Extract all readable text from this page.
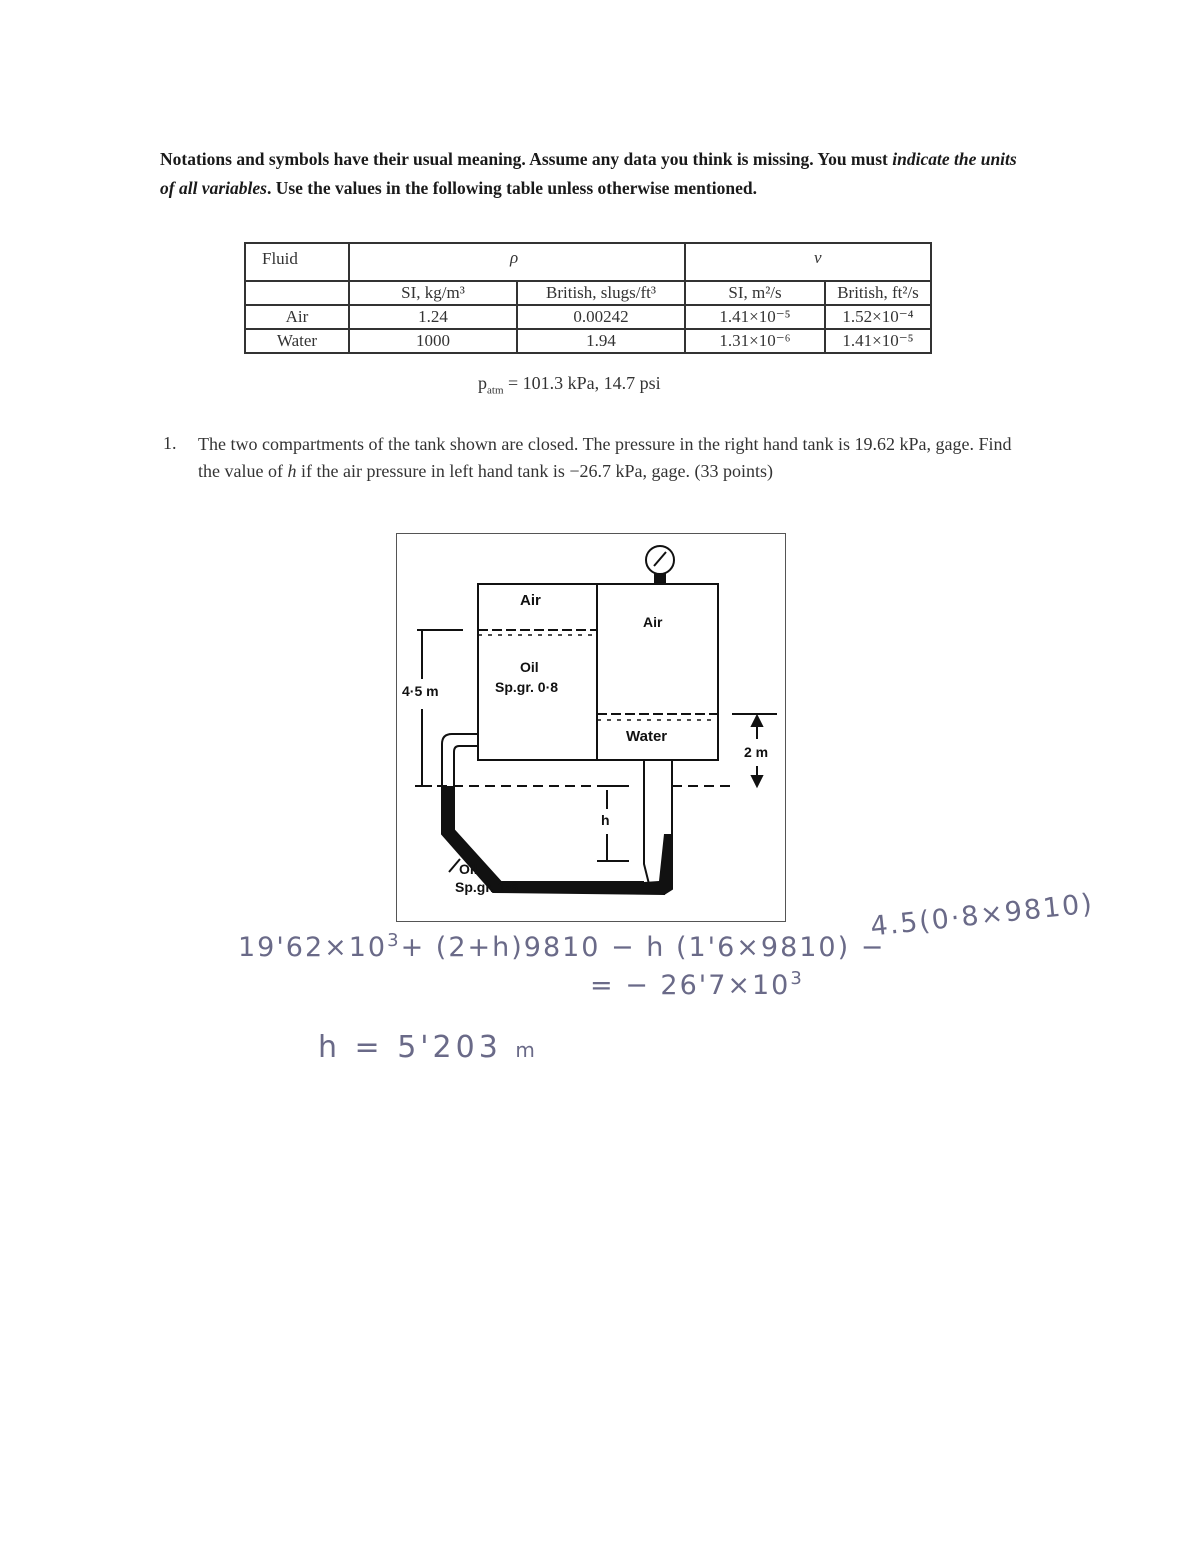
Notations and symbols have their usual meaning. Assume any data you think is missing. You must indicate the units of all variables. Use the values in the following table unless otherwise mentioned.

Fluid	ρ		ν	
	SI, kg/m³	British, slugs/ft³	SI, m²/s	British, ft²/s
Air	1.24	0.00242	1.41×10⁻⁵	1.52×10⁻⁴
Water	1000	1.94	1.31×10⁻⁶	1.41×10⁻⁵
$p_{atm} = 101.3$ kPa, 14.7 psi
1. The two compartments of the tank shown are closed. The pressure in the right hand tank is 19.62 kPa, gage. Find the value of h if the air pressure in left hand tank is −26.7 kPa, gage. (33 points)

Air
Air
Oil
Sp.gr. 0·8
Water
4·5 m
2 m
h
Oil
Sp.gr. 1·6
$19'62\times 10^3+ (2+h)9810 - h$ (1'6×9810) −
4.5(0·8×9810)
= − $26'7\times 10^3$
h = 5'203 m
